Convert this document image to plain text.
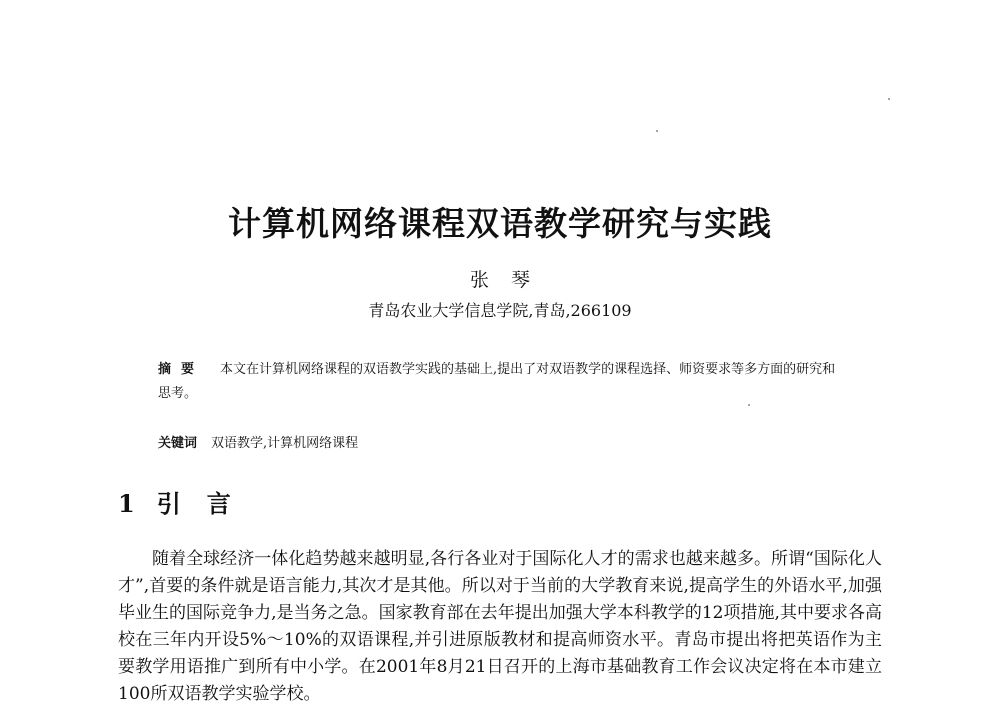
计算机网络课程双语教学研究与实践
张琴
青岛农业大学信息学院,青岛,266109
摘要 本文在计算机网络课程的双语教学实践的基础上,提出了对双语教学的课程选择、师资要求等多方面的研究和思考。
关键词 双语教学,计算机网络课程
1 引言
随着全球经济一体化趋势越来越明显,各行各业对于国际化人才的需求也越来越多。所谓“国际化人才”,首要的条件就是语言能力,其次才是其他。所以对于当前的大学教育来说,提高学生的外语水平,加强毕业生的国际竞争力,是当务之急。国家教育部在去年提出加强大学本科教学的12项措施,其中要求各高校在三年内开设5%～10%的双语课程,并引进原版教材和提高师资水平。青岛市提出将把英语作为主要教学用语推广到所有中小学。在2001年8月21日召开的上海市基础教育工作会议决定将在本市建立100所双语教学实验学校。
